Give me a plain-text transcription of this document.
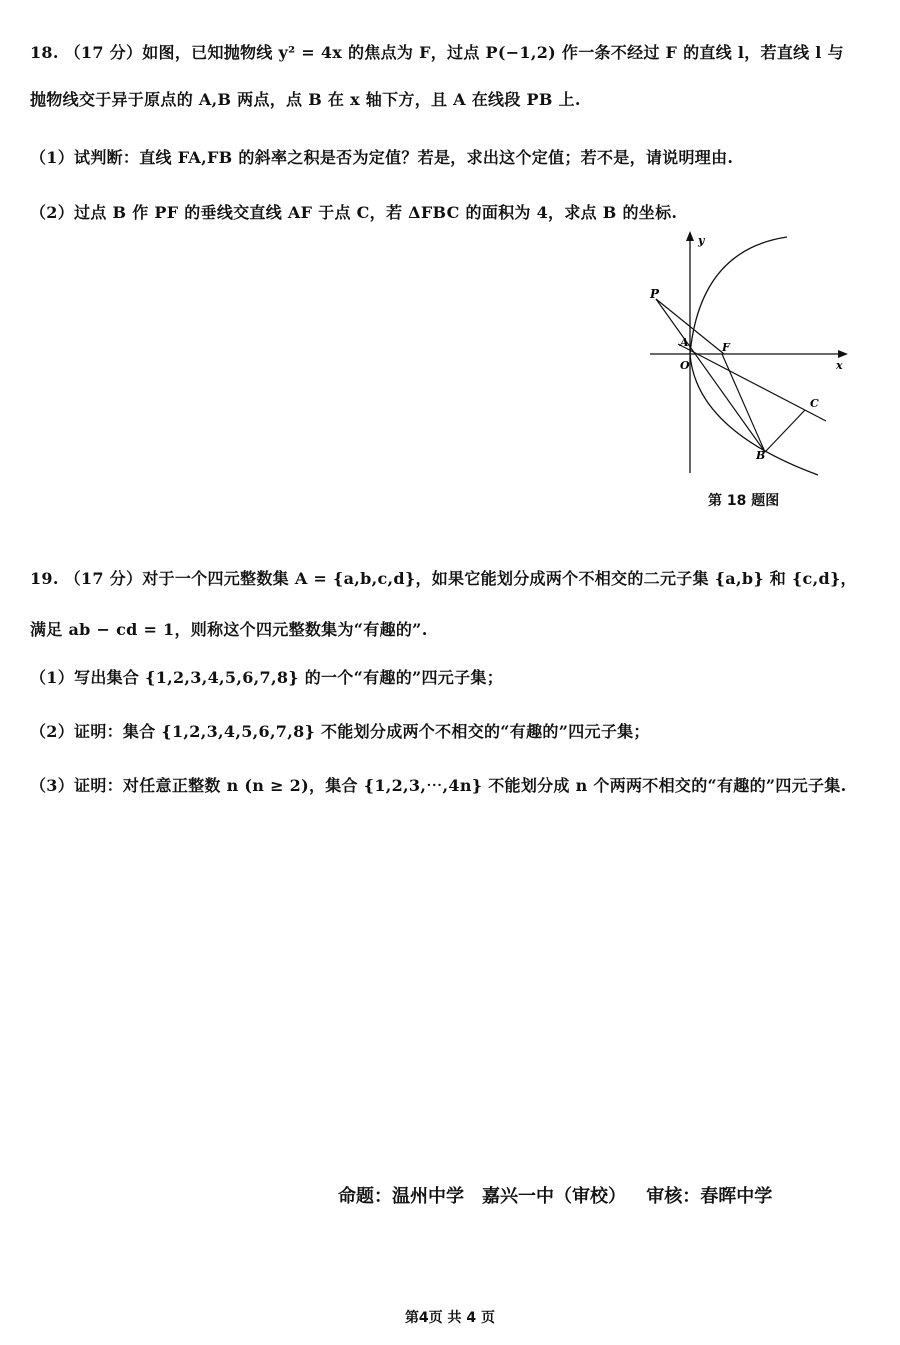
18. （17 分）如图，已知抛物线 y² = 4x 的焦点为 F，过点 P(−1,2) 作一条不经过 F 的直线 l，若直线 l 与
抛物线交于异于原点的 A,B 两点，点 B 在 x 轴下方，且 A 在线段 PB 上.
（1）试判断：直线 FA,FB 的斜率之积是否为定值？若是，求出这个定值；若不是，请说明理由.
（2）过点 B 作 PF 的垂线交直线 AF 于点 C，若 ΔFBC 的面积为 4，求点 B 的坐标.
y
x
P
A	F
O
C
B
第 18 题图
19. （17 分）对于一个四元整数集 A = {a,b,c,d}，如果它能划分成两个不相交的二元子集 {a,b} 和 {c,d}，
满足 ab − cd = 1，则称这个四元整数集为“有趣的”.
（1）写出集合 {1,2,3,4,5,6,7,8} 的一个“有趣的”四元子集；
（2）证明：集合 {1,2,3,4,5,6,7,8} 不能划分成两个不相交的“有趣的”四元子集；
（3）证明：对任意正整数 n (n ≥ 2)，集合 {1,2,3,⋯,4n} 不能划分成 n 个两两不相交的“有趣的”四元子集.
命题：温州中学　嘉兴一中（审校） 审核：春晖中学
第4页 共 4 页
